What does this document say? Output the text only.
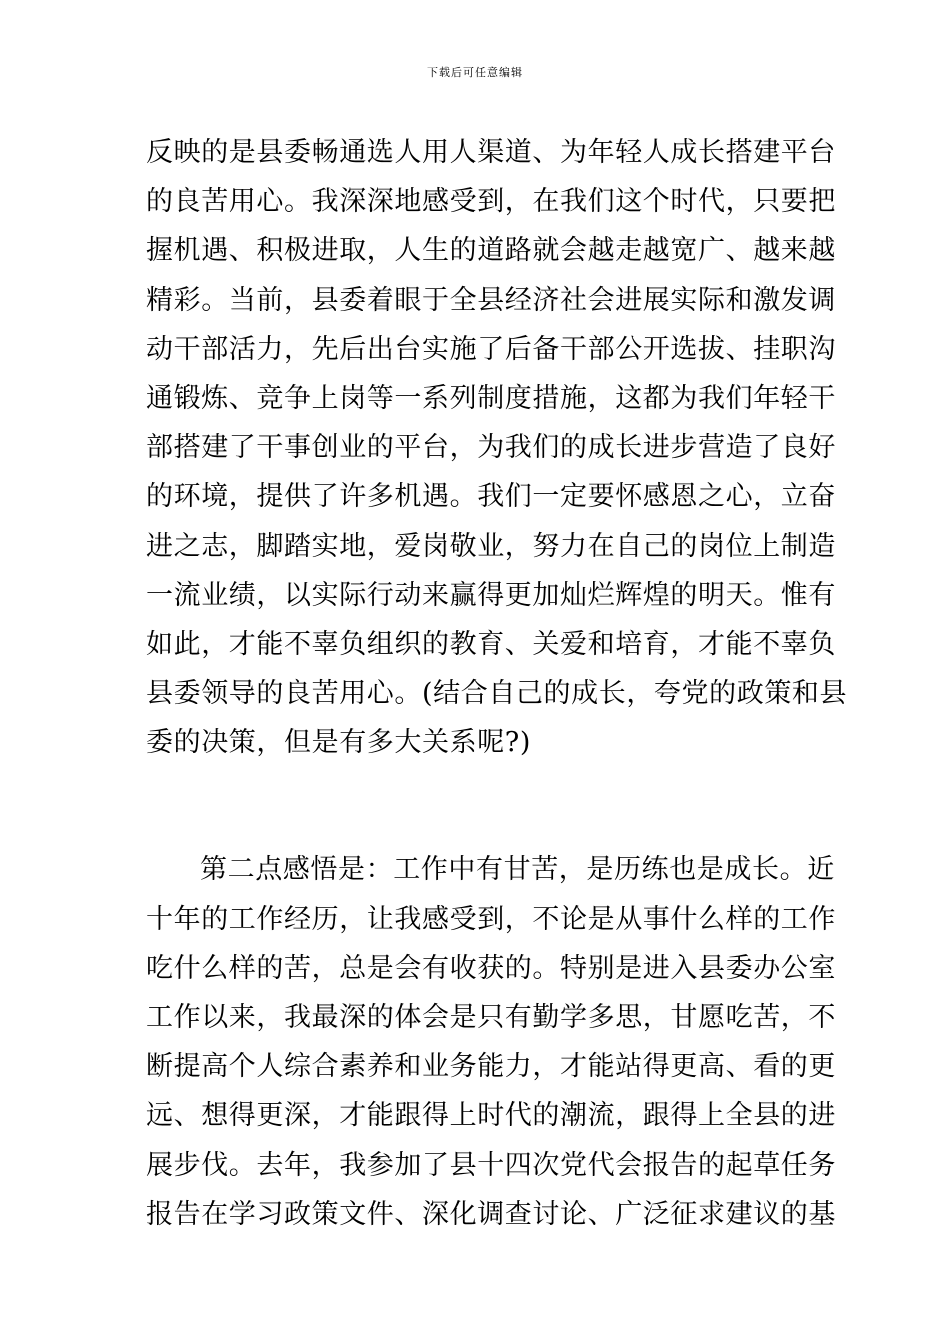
下载后可任意编辑
反映的是县委畅通选人用人渠道、为年轻人成长搭建平台
的良苦用心。我深深地感受到，在我们这个时代，只要把
握机遇、积极进取，人生的道路就会越走越宽广、越来越
精彩。当前，县委着眼于全县经济社会进展实际和激发调
动干部活力，先后出台实施了后备干部公开选拔、挂职沟
通锻炼、竞争上岗等一系列制度措施，这都为我们年轻干
部搭建了干事创业的平台，为我们的成长进步营造了良好
的环境，提供了许多机遇。我们一定要怀感恩之心，立奋
进之志，脚踏实地，爱岗敬业，努力在自己的岗位上制造
一流业绩，以实际行动来赢得更加灿烂辉煌的明天。惟有
如此，才能不辜负组织的教育、关爱和培育，才能不辜负
县委领导的良苦用心。(结合自己的成长，夸党的政策和县
委的决策，但是有多大关系呢?)
第二点感悟是：工作中有甘苦，是历练也是成长。近
十年的工作经历，让我感受到，不论是从事什么样的工作
吃什么样的苦，总是会有收获的。特别是进入县委办公室
工作以来，我最深的体会是只有勤学多思，甘愿吃苦，不
断提高个人综合素养和业务能力，才能站得更高、看的更
远、想得更深，才能跟得上时代的潮流，跟得上全县的进
展步伐。去年，我参加了县十四次党代会报告的起草任务
报告在学习政策文件、深化调查讨论、广泛征求建议的基
